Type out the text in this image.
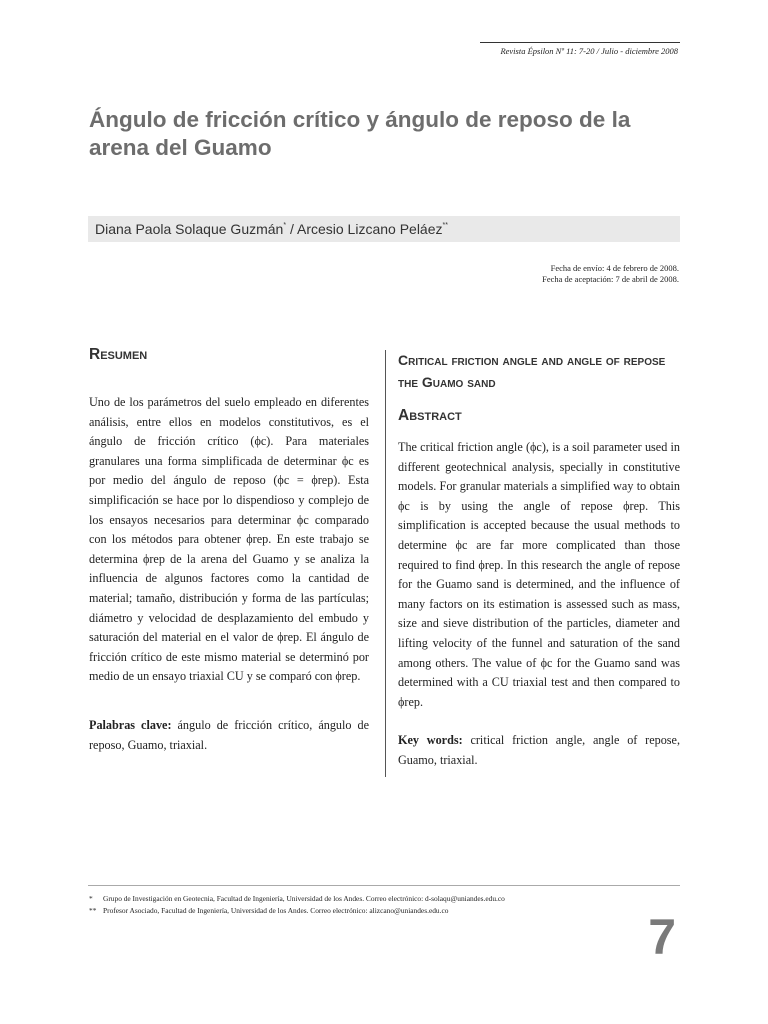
Revista Épsilon Nº 11: 7-20 / Julio - diciembre 2008
Ángulo de fricción crítico y ángulo de reposo de la arena del Guamo
Diana Paola Solaque Guzmán* / Arcesio Lizcano Peláez**
Fecha de envío: 4 de febrero de 2008.
Fecha de aceptación: 7 de abril de 2008.
Resumen

Uno de los parámetros del suelo empleado en diferentes análisis, entre ellos en modelos constitutivos, es el ángulo de fricción crítico (ϕc). Para materiales granulares una forma simplificada de determinar ϕc es por medio del ángulo de reposo (ϕc = ϕrep). Esta simplificación se hace por lo dispendioso y complejo de los ensayos necesarios para determinar ϕc comparado con los métodos para obtener ϕrep. En este trabajo se determina ϕrep de la arena del Guamo y se analiza la influencia de algunos factores como la cantidad de material; tamaño, distribución y forma de las partículas; diámetro y velocidad de desplazamiento del embudo y saturación del material en el valor de ϕrep. El ángulo de fricción crítico de este mismo material se determinó por medio de un ensayo triaxial CU y se comparó con ϕrep.

Palabras clave: ángulo de fricción crítico, ángulo de reposo, Guamo, triaxial.

Critical friction angle and angle of repose the Guamo sand
Abstract

The critical friction angle (ϕc), is a soil parameter used in different geotechnical analysis, specially in constitutive models. For granular materials a simplified way to obtain ϕc is by using the angle of repose ϕrep. This simplification is accepted because the usual methods to determine ϕc are far more complicated than those required to find ϕrep. In this research the angle of repose for the Guamo sand is determined, and the influence of many factors on its estimation is assessed such as mass, size and sieve distribution of the particles, diameter and lifting velocity of the funnel and saturation of the sand among others. The value of ϕc for the Guamo sand was determined with a CU triaxial test and then compared to ϕrep.

Key words: critical friction angle, angle of repose, Guamo, triaxial.

*	Grupo de Investigación en Geotecnia, Facultad de Ingeniería, Universidad de los Andes. Correo electrónico: d-solaqu@uniandes.edu.co
** Profesor Asociado, Facultad de Ingeniería, Universidad de los Andes. Correo electrónico: alizcano@uniandes.edu.co	7
